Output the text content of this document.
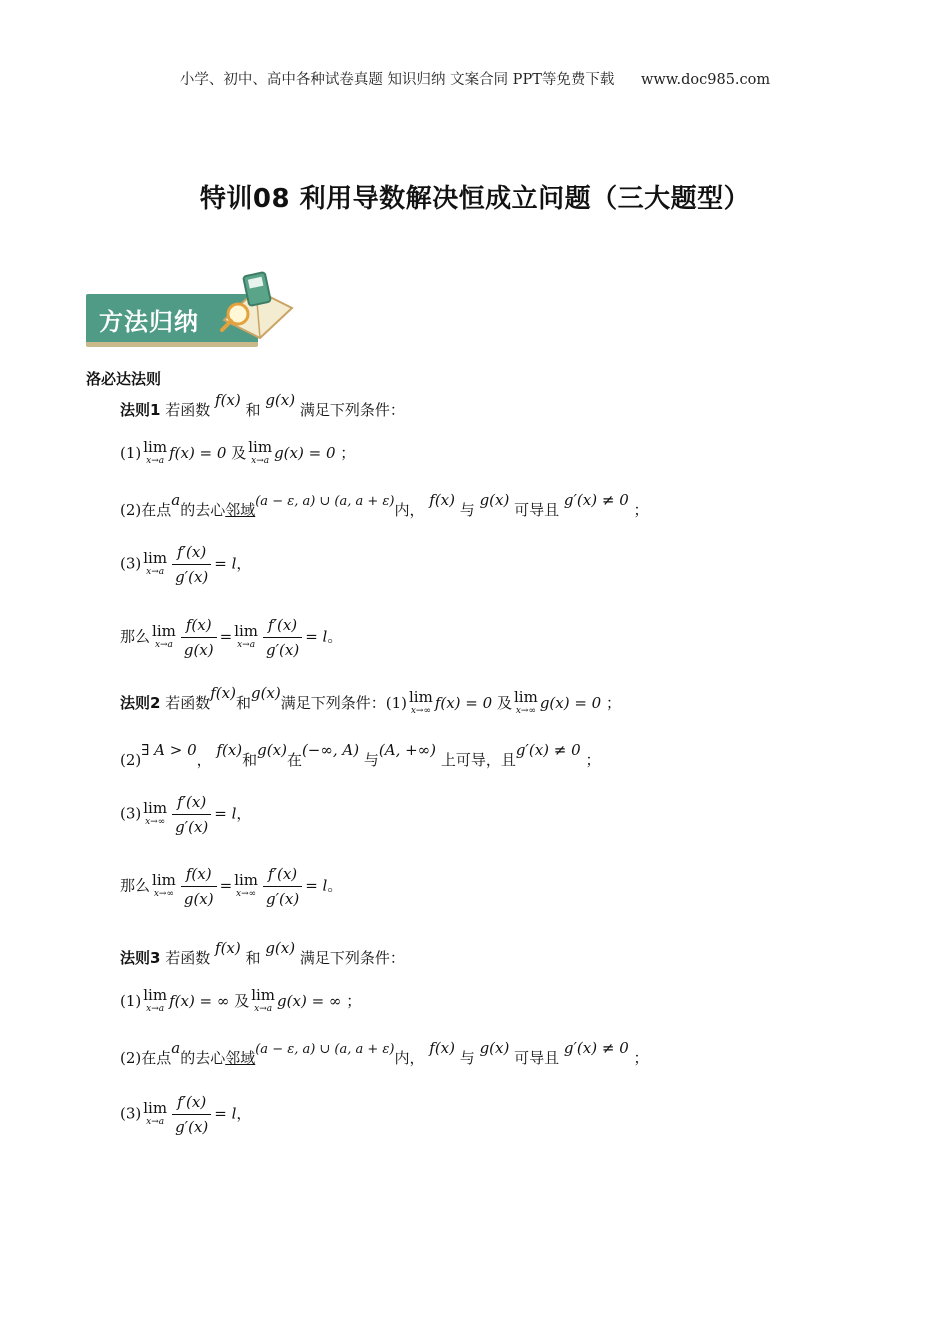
小学、初中、高中各种试卷真题 知识归纳 文案合同 PPT等免费下载 www.doc985.com
特训08 利用导数解决恒成立问题（三大题型）
方法归纳
洛必达法则
法则1 若函数 f(x) 和 g(x) 满足下列条件：
(1) lim
x→a f(x) = 0 及 lim
x→a g(x) = 0 ；
(2)在点a的去心邻域(a − ε, a) ∪ (a, a + ε)内， f(x) 与 g(x) 可导且 g′(x) ≠ 0 ；
(3) lim
$x\to a \frac{f'(x)}{g'(x)} = l$，
那么 lim
$x\to a \frac{f(x)}{g(x)} = \lim$
$x\to a \frac{f'(x)}{g'(x)} = l$。
法则2 若函数f(x)和g(x)满足下列条件：(1) lim
x→∞ f(x) = 0 及 lim
x→∞ g(x) = 0 ；
(2)∃ A > 0， f(x)和g(x)在(−∞, A) 与(A, +∞) 上可导，且g′(x) ≠ 0 ；
(3) lim
$x\to\infty \frac{f'(x)}{g'(x)} = l$，
那么 lim
$x\to\infty \frac{f(x)}{g(x)} = \lim$
$x\to\infty \frac{f'(x)}{g'(x)} = l$。
法则3 若函数 f(x) 和 g(x) 满足下列条件：
(1) lim
x→a f(x) = ∞ 及 lim
x→a g(x) = ∞ ；
(2)在点a的去心邻域(a − ε, a) ∪ (a, a + ε)内， f(x) 与 g(x) 可导且 g′(x) ≠ 0 ；
(3) lim
$x\to a \frac{f'(x)}{g'(x)} = l$，
